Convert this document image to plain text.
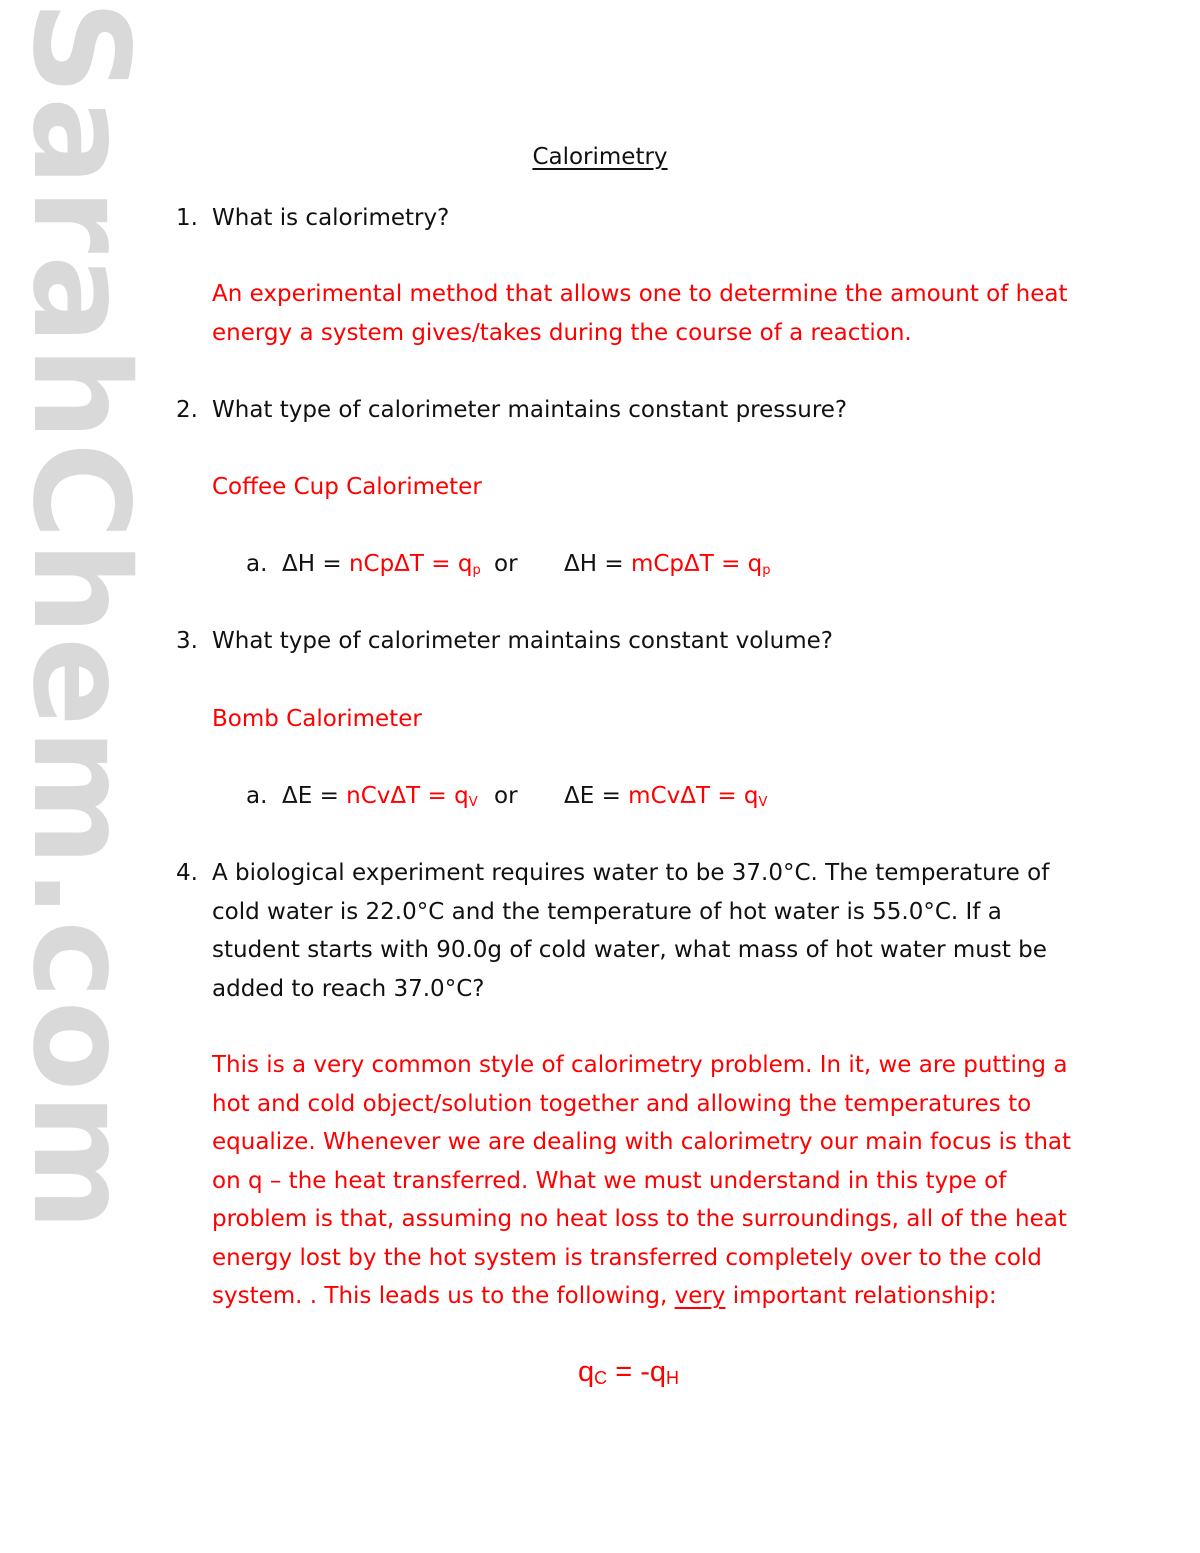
SarahChem.com	Calorimetry
1. What is calorimetry?
An experimental method that allows one to determine the amount of heat energy a system gives/takes during the course of a reaction.
2. What type of calorimeter maintains constant pressure?
Coffee Cup Calorimeter
a. $\Delta H = nCp\Delta T = q_p$ or $\Delta H = mCp\Delta T = q_p$
3. What type of calorimeter maintains constant volume?
Bomb Calorimeter
a. $\Delta E = nCv\Delta T = q_V$ or $\Delta E = mCv\Delta T = q_V$
4. A biological experiment requires water to be 37.0°C. The temperature of cold water is 22.0°C and the temperature of hot water is 55.0°C. If a student starts with 90.0g of cold water, what mass of hot water must be added to reach 37.0°C?
This is a very common style of calorimetry problem. In it, we are putting a hot and cold object/solution together and allowing the temperatures to equalize. Whenever we are dealing with calorimetry our main focus is that on q – the heat transferred. What we must understand in this type of problem is that, assuming no heat loss to the surroundings, all of the heat energy lost by the hot system is transferred completely over to the cold system. . This leads us to the following, very important relationship:
$q_C = -q_H$
